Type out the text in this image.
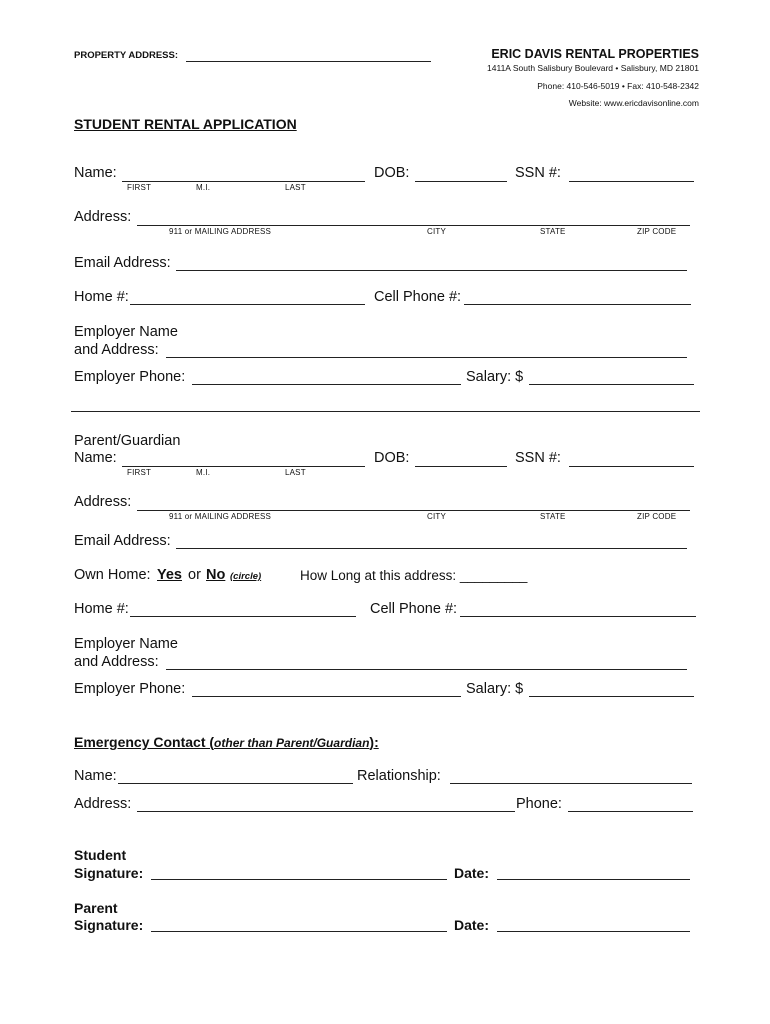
PROPERTY ADDRESS:	ERIC DAVIS RENTAL PROPERTIES
1411A South Salisbury Boulevard • Salisbury, MD 21801
Phone: 410-546-5019 • Fax: 410-548-2342
Website: www.ericdavisonline.com
STUDENT RENTAL APPLICATION
Name:	DOB:	SSN #:
FIRST	M.I.	LAST
Address:
911 or MAILING ADDRESS	CITY	STATE	ZIP CODE
Email Address:
Home #:	Cell Phone #:
Employer Name
and Address:
Employer Phone:	Salary: $
Parent/Guardian
Name:	DOB:	SSN #:
FIRST	M.I.	LAST
Address:
911 or MAILING ADDRESS	CITY	STATE	ZIP CODE
Email Address:
Own Home: Yes or No (circle)	How Long at this address: _________
Home #:	Cell Phone #:
Employer Name
and Address:
Employer Phone:	Salary: $
Emergency Contact (other than Parent/Guardian):
Name:	Relationship:
Address:	Phone:
Student
Signature:	Date:
Parent
Signature:	Date:
